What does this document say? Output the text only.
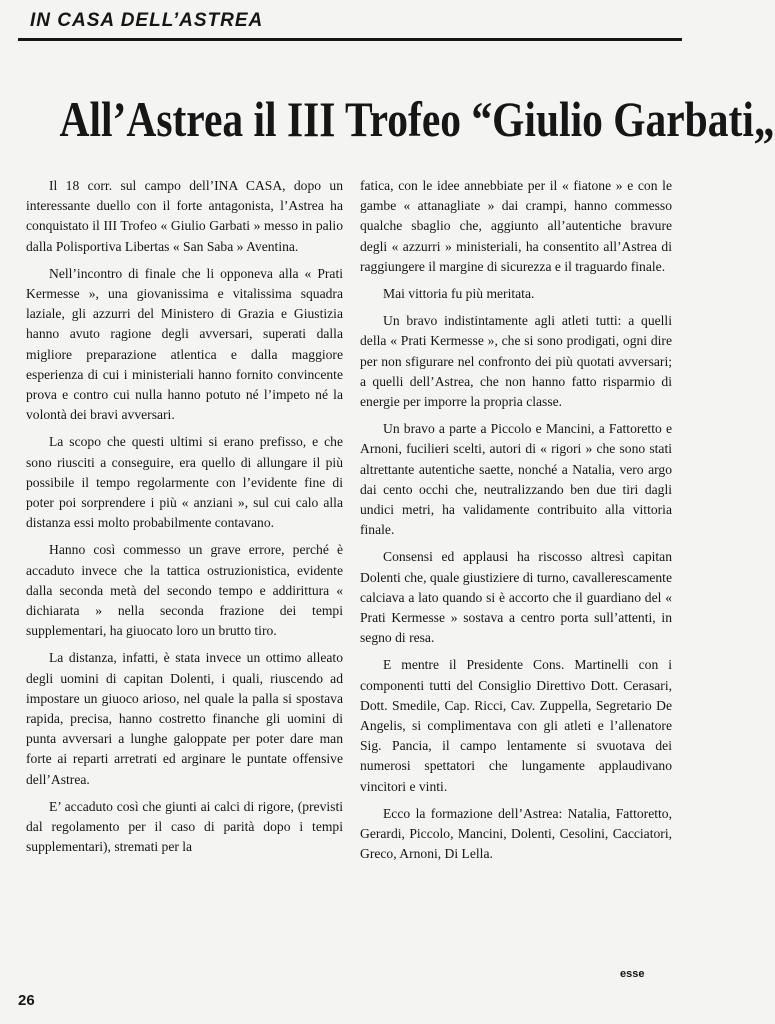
IN CASA DELL’ASTREA
All’Astrea il III Trofeo “Giulio Garbati„

Il 18 corr. sul campo dell’INA CASA, dopo un interessante duello con il forte antagonista, l’Astrea ha conquistato il III Trofeo « Giulio Garbati » messo in palio dalla Polisportiva Libertas « San Saba » Aventina.

Nell’incontro di finale che li opponeva alla « Prati Kermesse », una giovanissima e vitalissima squadra laziale, gli azzurri del Ministero di Grazia e Giustizia hanno avuto ragione degli avversari, superati dalla migliore preparazione atlentica e dalla maggiore esperienza di cui i ministeriali hanno fornito convincente prova e contro cui nulla hanno potuto né l’impeto né la volontà dei bravi avversari.

La scopo che questi ultimi si erano prefisso, e che sono riusciti a conseguire, era quello di allungare il più possibile il tempo regolarmente con l’evidente fine di poter poi sorprendere i più « anziani », sul cui calo alla distanza essi molto probabilmente contavano.

Hanno così commesso un grave errore, perché è accaduto invece che la tattica ostruzionistica, evidente dalla seconda metà del secondo tempo e addirittura « dichiarata » nella seconda frazione dei tempi supplementari, ha giuocato loro un brutto tiro.

La distanza, infatti, è stata invece un ottimo alleato degli uomini di capitan Dolenti, i quali, riuscendo ad impostare un giuoco arioso, nel quale la palla si spostava rapida, precisa, hanno costretto finanche gli uomini di punta avversari a lunghe galoppate per poter dare man forte ai reparti arretrati ed arginare le puntate offensive dell’Astrea.

E’ accaduto così che giunti ai calci di rigore, (previsti dal regolamento per il caso di parità dopo i tempi supplementari), stremati per la

fatica, con le idee annebbiate per il « fiatone » e con le gambe « attanagliate » dai crampi, hanno commesso qualche sbaglio che, aggiunto all’autentiche bravure degli « azzurri » ministeriali, ha consentito all’Astrea di raggiungere il margine di sicurezza e il traguardo finale.

Mai vittoria fu più meritata.

Un bravo indistintamente agli atleti tutti: a quelli della « Prati Kermesse », che si sono prodigati, ogni dire per non sfigurare nel confronto dei più quotati avversari; a quelli dell’Astrea, che non hanno fatto risparmio di energie per imporre la propria classe.

Un bravo a parte a Piccolo e Mancini, a Fattoretto e Arnoni, fucilieri scelti, autori di « rigori » che sono stati altrettante autentiche saette, nonché a Natalia, vero argo dai cento occhi che, neutralizzando ben due tiri dagli undici metri, ha validamente contribuito alla vittoria finale.

Consensi ed applausi ha riscosso altresì capitan Dolenti che, quale giustiziere di turno, cavallerescamente calciava a lato quando si è accorto che il guardiano del « Prati Kermesse » sostava a centro porta sull’attenti, in segno di resa.

E mentre il Presidente Cons. Martinelli con i componenti tutti del Consiglio Direttivo Dott. Cerasari, Dott. Smedile, Cap. Ricci, Cav. Zuppella, Segretario De Angelis, si complimentava con gli atleti e l’allenatore Sig. Pancia, il campo lentamente si svuotava dei numerosi spettatori che lungamente applaudivano vincitori e vinti.

Ecco la formazione dell’Astrea: Natalia, Fattoretto, Gerardi, Piccolo, Mancini, Dolenti, Cesolini, Cacciatori, Greco, Arnoni, Di Lella.

esse
26
